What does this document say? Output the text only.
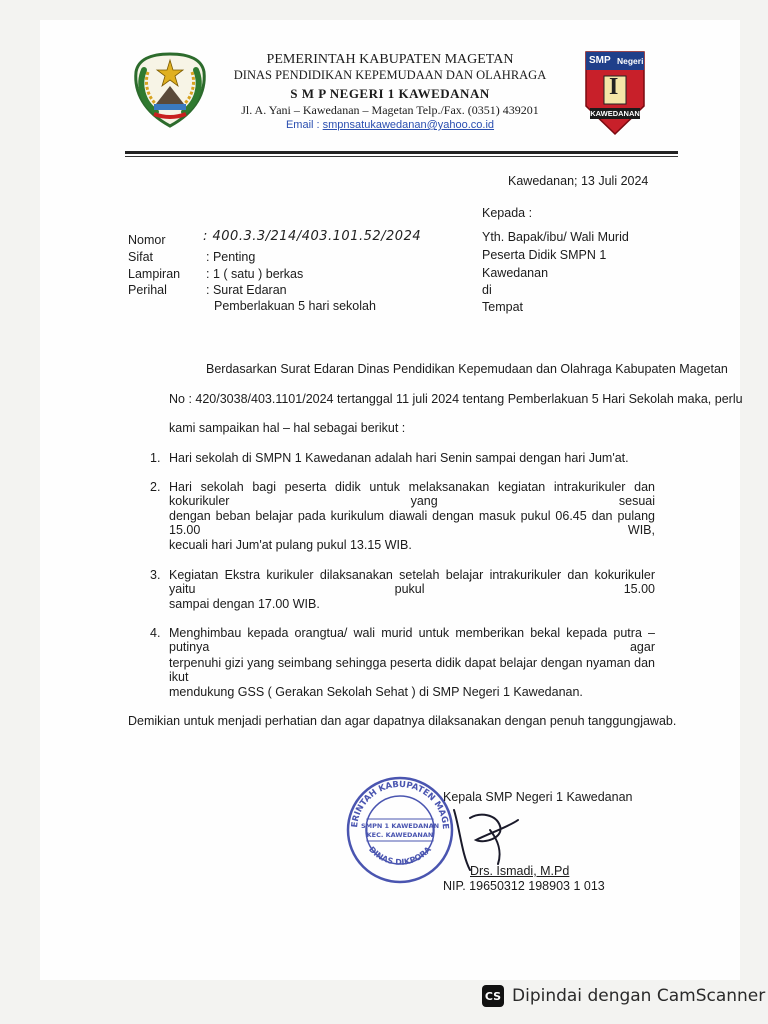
PEMERINTAH KABUPATEN MAGETAN
DINAS PENDIDIKAN KEPEMUDAAN DAN OLAHRAGA
S M P NEGERI 1 KAWEDANAN
Jl. A. Yani – Kawedanan – Magetan Telp./Fax. (0351) 439201
Email : smpnsatukawedanan@yahoo.co.id
SMP Negeri
I
KAWEDANAN
Kawedanan; 13 Juli 2024
Kepada :
Yth. Bapak/ibu/ Wali Murid
Peserta Didik SMPN 1
Kawedanan
di
Tempat
Nomor	: 400.3.3/214/403.101.52/2024
Sifat	: Penting
Lampiran : 1 ( satu ) berkas
Perihal	: Surat Edaran
Pemberlakuan 5 hari sekolah
Berdasarkan Surat Edaran Dinas Pendidikan Kepemudaan dan Olahraga Kabupaten Magetan
No : 420/3038/403.1101/2024 tertanggal 11 juli 2024 tentang Pemberlakuan 5 Hari Sekolah maka, perlu
kami sampaikan hal – hal sebagai berikut :
1. Hari sekolah di SMPN 1 Kawedanan adalah hari Senin sampai dengan hari Jum'at.
2. Hari sekolah bagi peserta didik untuk melaksanakan kegiatan intrakurikuler dan kokurikuler yang sesuai
dengan beban belajar pada kurikulum diawali dengan masuk pukul 06.45 dan pulang 15.00 WIB,
kecuali hari Jum'at pulang pukul 13.15 WIB.
3. Kegiatan Ekstra kurikuler dilaksanakan setelah belajar intrakurikuler dan kokurikuler yaitu pukul 15.00
sampai dengan 17.00 WIB.
4. Menghimbau kepada orangtua/ wali murid untuk memberikan bekal kepada putra – putinya agar
terpenuhi gizi yang seimbang sehingga peserta didik dapat belajar dengan nyaman dan ikut
mendukung GSS ( Gerakan Sekolah Sehat ) di SMP Negeri 1 Kawedanan.
Demikian untuk menjadi perhatian dan agar dapatnya dilaksanakan dengan penuh tanggungjawab.
ERINTAH KABUPATEN MAGE
DINAS DIKPORA
SMPN 1 KAWEDANAN
KEC. KAWEDANAN
Kepala SMP Negeri 1 Kawedanan
Drs. Ismadi, M.Pd
NIP. 19650312 198903 1 013
CS Dipindai dengan CamScanner
